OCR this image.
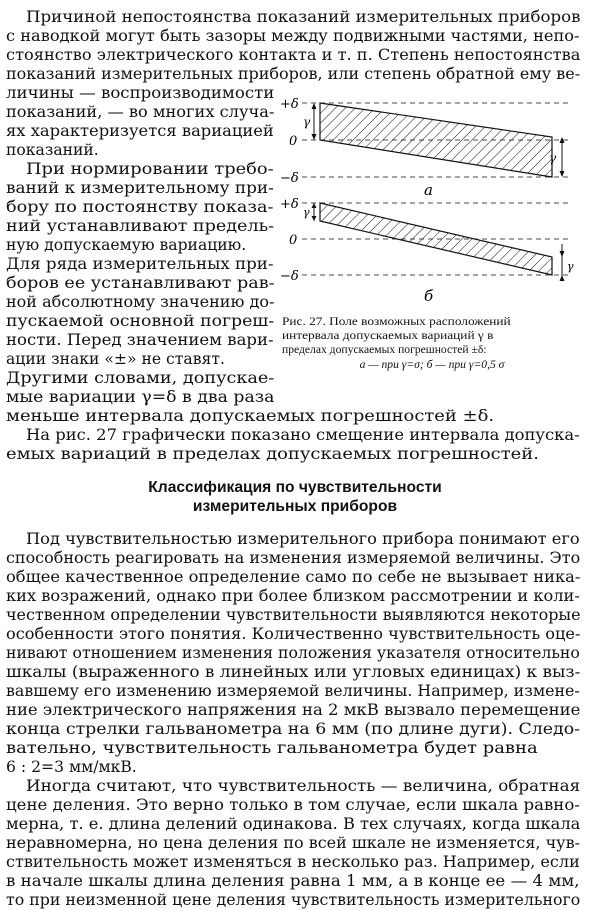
Причиной непостоянства показаний измерительных приборов
с наводкой могут быть зазоры между подвижными частями, непо-
стоянство электрического контакта и т. п. Степень непостоянства
показаний измерительных приборов, или степень обратной ему ве-
личины — воспроизводимости
показаний, — во многих случа-
ях характеризуется вариацией
показаний.
При нормировании требо-
ваний к измерительному при-
бору по постоянству показа-
ний устанавливают предель-
ную допускаемую вариацию.
Для ряда измерительных при-
боров ее устанавливают рав-
ной абсолютному значению до-
пускаемой основной погреш-
ности. Перед значением вари-
ации знаки «±» не ставят.
Другими словами, допускае-
мые вариации γ=δ в два раза
меньше интервала допускаемых погрешностей ±δ.
На рис. 27 графически показано смещение интервала допуска-
емых вариаций в пределах допускаемых погрешностей.
Классификация по чувствительности
измерительных приборов
Под чувствительностью измерительного прибора понимают его
способность реагировать на изменения измеряемой величины. Это
общее качественное определение само по себе не вызывает ника-
ких возражений, однако при более близком рассмотрении и коли-
чественном определении чувствительности выявляются некоторые
особенности этого понятия. Количественно чувствительность оце-
нивают отношением изменения положения указателя относительно
шкалы (выраженного в линейных или угловых единицах) к выз-
вавшему его изменению измеряемой величины. Например, измене-
ние электрического напряжения на 2 мкВ вызвало перемещение
конца стрелки гальванометра на 6 мм (по длине дуги). Следо-
вательно, чувствительность гальванометра будет равна
6 : 2=3 мм/мкВ.
Иногда считают, что чувствительность — величина, обратная
цене деления. Это верно только в том случае, если шкала равно-
мерна, т. е. длина делений одинакова. В тех случаях, когда шкала
неравномерна, но цена деления по всей шкале не изменяется, чув-
ствительность может изменяться в несколько раз. Например, если
в начале шкалы длина деления равна 1 мм, а в конце ее — 4 мм,
то при неизменной цене деления чувствительность измерительного
+δ
0
−δ
γ
γ
а
+δ
0
−δ
γ
γ
б
Рис. 27. Поле возможных расположений
интервала допускаемых вариаций γ в
пределах допускаемых погрешностей ±δ:
а — при γ=σ; б — при γ=0,5 σ
